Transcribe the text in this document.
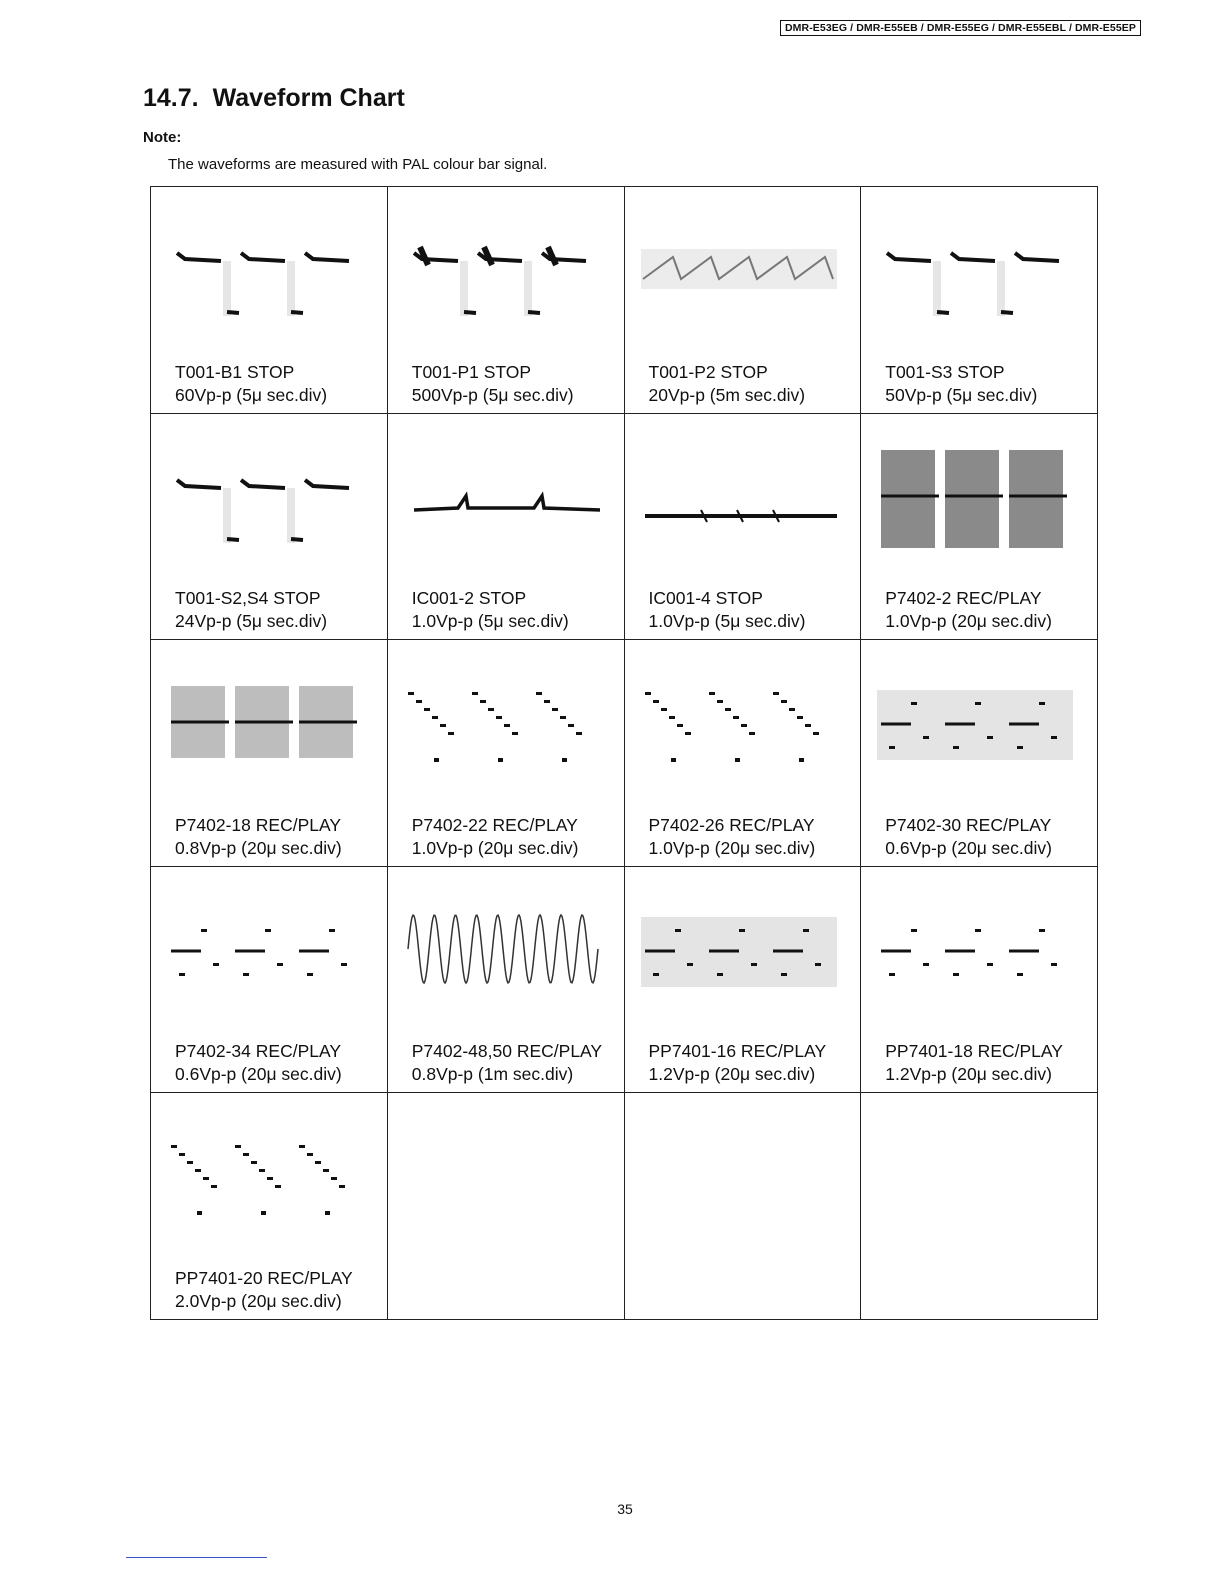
DMR-E53EG / DMR-E55EB / DMR-E55EG / DMR-E55EBL / DMR-E55EP
14.7. Waveform Chart
Note:
The waveforms are measured with PAL colour bar signal.
T001-B1 STOP
60Vp-p (5μ sec.div)
T001-P1 STOP
500Vp-p (5μ sec.div)
T001-P2 STOP
20Vp-p (5m sec.div)
T001-S3 STOP
50Vp-p (5μ sec.div)
T001-S2,S4 STOP
24Vp-p (5μ sec.div)
IC001-2 STOP
1.0Vp-p (5μ sec.div)
IC001-4 STOP
1.0Vp-p (5μ sec.div)
P7402-2 REC/PLAY
1.0Vp-p (20μ sec.div)
P7402-18 REC/PLAY
0.8Vp-p (20μ sec.div)
P7402-22 REC/PLAY
1.0Vp-p (20μ sec.div)
P7402-26 REC/PLAY
1.0Vp-p (20μ sec.div)
P7402-30 REC/PLAY
0.6Vp-p (20μ sec.div)
P7402-34 REC/PLAY
0.6Vp-p (20μ sec.div)
P7402-48,50 REC/PLAY
0.8Vp-p (1m sec.div)
PP7401-16 REC/PLAY
1.2Vp-p (20μ sec.div)
PP7401-18 REC/PLAY
1.2Vp-p (20μ sec.div)
PP7401-20 REC/PLAY
2.0Vp-p (20μ sec.div)
35
